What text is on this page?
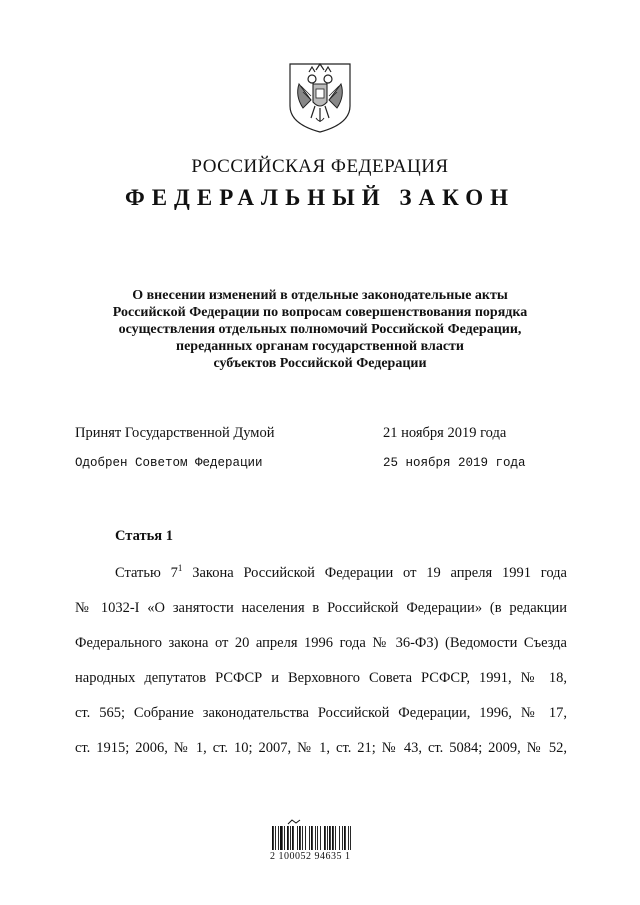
РОССИЙСКАЯ ФЕДЕРАЦИЯ
ФЕДЕРАЛЬНЫЙ ЗАКОН
О внесении изменений в отдельные законодательные акты
Российской Федерации по вопросам совершенствования порядка
осуществления отдельных полномочий Российской Федерации,
переданных органам государственной власти
субъектов Российской Федерации
Принят Государственной Думой	21 ноября 2019 года
Одобрен Советом Федерации	25 ноября 2019 года
Статья 1
Статью $7^1$ Закона Российской Федерации от 19 апреля 1991 года
№ 1032-I «О занятости населения в Российской Федерации» (в редакции
Федерального закона от 20 апреля 1996 года № 36-ФЗ) (Ведомости Съезда
народных депутатов РСФСР и Верховного Совета РСФСР, 1991, № 18,
ст. 565; Собрание законодательства Российской Федерации, 1996, № 17,
ст. 1915; 2006, № 1, ст. 10; 2007, № 1, ст. 21; № 43, ст. 5084; 2009, № 52,
2 100052 94635 1
